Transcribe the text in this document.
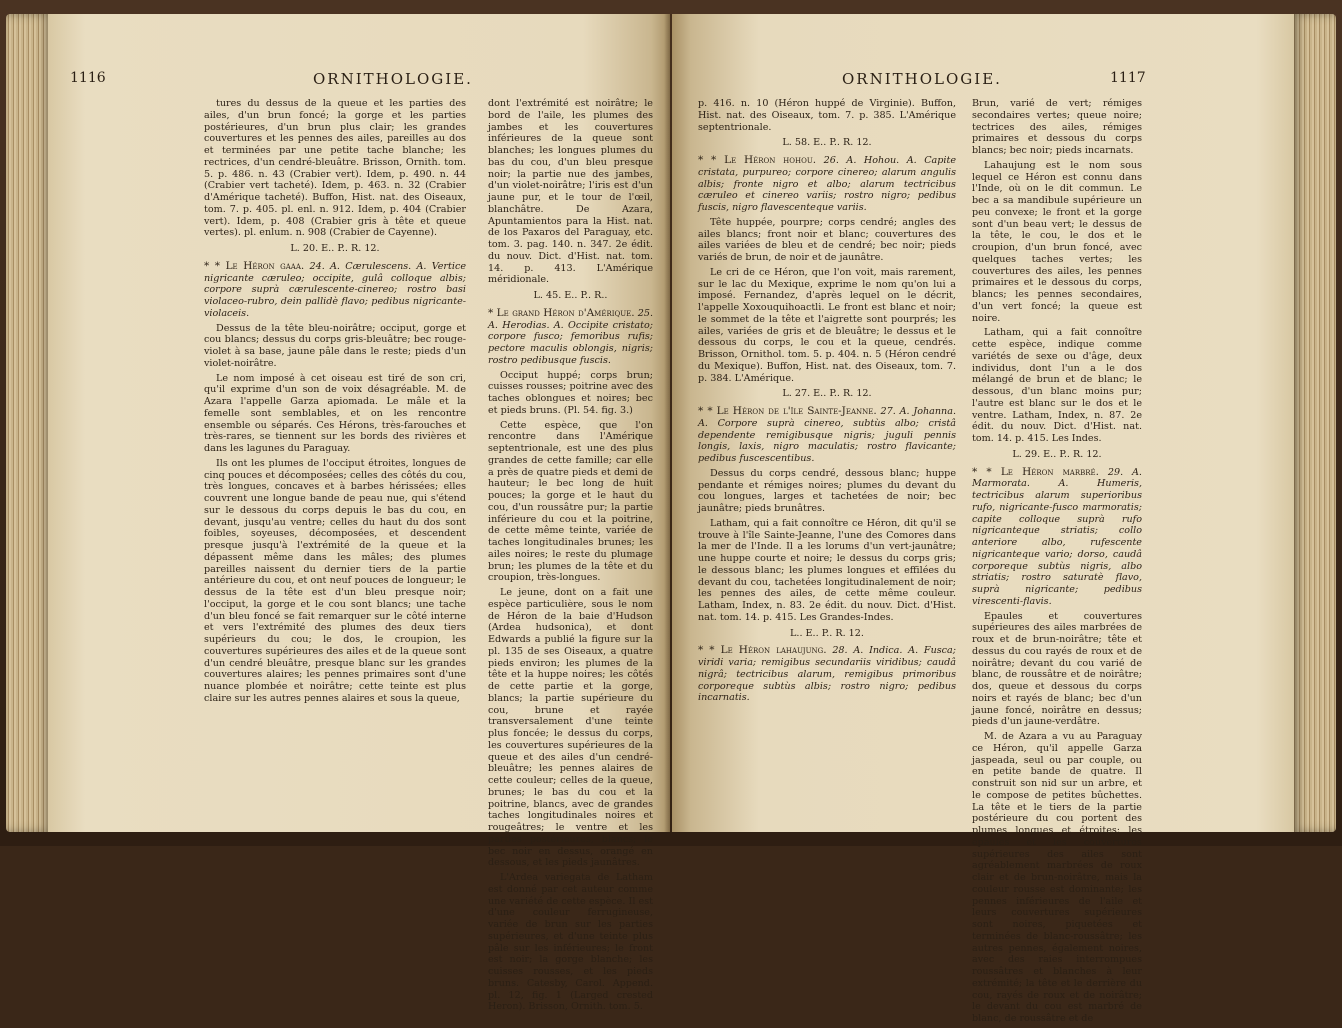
1116	ORNITHOLOGIE.

tures du dessus de la queue et les parties des ailes, d'un brun foncé; la gorge et les parties postérieures, d'un brun plus clair; les grandes couvertures et les pennes des ailes, pareilles au dos et terminées par une petite tache blanche; les rectrices, d'un cendré-bleuâtre. Brisson, Ornith. tom. 5. p. 486. n. 43 (Crabier vert). Idem, p. 490. n. 44 (Crabier vert tacheté). Idem, p. 463. n. 32 (Crabier d'Amérique tacheté). Buffon, Hist. nat. des Oiseaux, tom. 7. p. 405. pl. enl. n. 912. Idem, p. 404 (Crabier vert). Idem, p. 408 (Crabier gris à tête et queue vertes). pl. enlum. n. 908 (Crabier de Cayenne).

L. 20. E.. P.. R. 12.

* * Le Héron gaaa. 24. A. Cærulescens. A. Vertice nigricante cæruleo; occipite, gulâ colloque albis; corpore suprà cærulescente-cinereo; rostro basi violaceo-rubro, dein pallidè flavo; pedibus nigricante-violaceis.

Dessus de la tête bleu-noirâtre; occiput, gorge et cou blancs; dessus du corps gris-bleuâtre; bec rouge-violet à sa base, jaune pâle dans le reste; pieds d'un violet-noirâtre.

Le nom imposé à cet oiseau est tiré de son cri, qu'il exprime d'un son de voix désagréable. M. de Azara l'appelle Garza apiomada. Le mâle et la femelle sont semblables, et on les rencontre ensemble ou séparés. Ces Hérons, très-farouches et très-rares, se tiennent sur les bords des rivières et dans les lagunes du Paraguay.

Ils ont les plumes de l'occiput étroites, longues de cinq pouces et décomposées; celles des côtés du cou, très longues, concaves et à barbes hérissées; elles couvrent une longue bande de peau nue, qui s'étend sur le dessous du corps depuis le bas du cou, en devant, jusqu'au ventre; celles du haut du dos sont foibles, soyeuses, décomposées, et descendent presque jusqu'à l'extrémité de la queue et la dépassent même dans les mâles; des plumes pareilles naissent du dernier tiers de la partie antérieure du cou, et ont neuf pouces de longueur; le dessus de la tête est d'un bleu presque noir; l'occiput, la gorge et le cou sont blancs; une tache d'un bleu foncé se fait remarquer sur le côté interne et vers l'extrémité des plumes des deux tiers supérieurs du cou; le dos, le croupion, les couvertures supérieures des ailes et de la queue sont d'un cendré bleuâtre, presque blanc sur les grandes couvertures alaires; les pennes primaires sont d'une nuance plombée et noirâtre; cette teinte est plus claire sur les autres pennes alaires et sous la queue,

dont l'extrémité est noirâtre; le bord de l'aile, les plumes des jambes et les couvertures inférieures de la queue sont blanches; les longues plumes du bas du cou, d'un bleu presque noir; la partie nue des jambes, d'un violet-noirâtre; l'iris est d'un jaune pur, et le tour de l'œil, blanchâtre. De Azara, Apuntamientos para la Hist. nat. de los Paxaros del Paraguay, etc. tom. 3. pag. 140. n. 347. 2e édit. du nouv. Dict. d'Hist. nat. tom. 14. p. 413. L'Amérique méridionale.

L. 45. E.. P.. R..

* Le grand Héron d'Amérique. 25. A. Herodias. A. Occipite cristato; corpore fusco; femoribus rufis; pectore maculis oblongis, nigris; rostro pedibusque fuscis.

Occiput huppé; corps brun; cuisses rousses; poitrine avec des taches oblongues et noires; bec et pieds bruns. (Pl. 54. fig. 3.)

Cette espèce, que l'on rencontre dans l'Amérique septentrionale, est une des plus grandes de cette famille; car elle a près de quatre pieds et demi de hauteur; le bec long de huit pouces; la gorge et le haut du cou, d'un roussâtre pur; la partie inférieure du cou et la poitrine, de cette même teinte, variée de taches longitudinales brunes; les ailes noires; le reste du plumage brun; les plumes de la tête et du croupion, très-longues.

Le jeune, dont on a fait une espèce particulière, sous le nom de Héron de la baie d'Hudson (Ardea hudsonica), et dont Edwards a publié la figure sur la pl. 135 de ses Oiseaux, a quatre pieds environ; les plumes de la tête et la huppe noires; les côtés de cette partie et la gorge, blancs; la partie supérieure du cou, brune et rayée transversalement d'une teinte plus foncée; le dessus du corps, les couvertures supérieures de la queue et des ailes d'un cendré-bleuâtre; les pennes alaires de cette couleur; celles de la queue, brunes; le bas du cou et la poitrine, blancs, avec de grandes taches longitudinales noires et rougeâtres; le ventre et les parties postérieures, blancs; le bec noir en dessus, orangé en dessous, et les pieds jaunâtres.

L'Ardea variegata de Latham est donné par cet auteur comme une variété de cette espèce. Il est d'une couleur ferrugineuse, variée de brun sur les parties supérieures, et d'une teinte plus pâle sur les inférieures; le front est noir; la gorge blanche; les cuisses rousses, et les pieds bruns. Catesby, Carol. Append. pl. 12, fig. 1 (Larged crested Heron). Brisson, Ornith. tom. 5.

ORNITHOLOGIE.	1117

p. 416. n. 10 (Héron huppé de Virginie). Buffon, Hist. nat. des Oiseaux, tom. 7. p. 385. L'Amérique septentrionale.

L. 58. E.. P.. R. 12.

* * Le Héron hohou. 26. A. Hohou. A. Capite cristata, purpureo; corpore cinereo; alarum angulis albis; fronte nigro et albo; alarum tectricibus cæruleo et cinereo variis; rostro nigro; pedibus fuscis, nigro flavescenteque variis.

Tête huppée, pourpre; corps cendré; angles des ailes blancs; front noir et blanc; couvertures des ailes variées de bleu et de cendré; bec noir; pieds variés de brun, de noir et de jaunâtre.

Le cri de ce Héron, que l'on voit, mais rarement, sur le lac du Mexique, exprime le nom qu'on lui a imposé. Fernandez, d'après lequel on le décrit, l'appelle Xoxouquihoactli. Le front est blanc et noir; le sommet de la tête et l'aigrette sont pourprés; les ailes, variées de gris et de bleuâtre; le dessus et le dessous du corps, le cou et la queue, cendrés. Brisson, Ornithol. tom. 5. p. 404. n. 5 (Héron cendré du Mexique). Buffon, Hist. nat. des Oiseaux, tom. 7. p. 384. L'Amérique.

L. 27. E.. P.. R. 12.

* * Le Héron de l'île Sainte-Jeanne. 27. A. Johanna. A. Corpore suprà cinereo, subtùs albo; cristâ dependente remigibusque nigris; juguli pennis longis, laxis, nigro maculatis; rostro flavicante; pedibus fuscescentibus.

Dessus du corps cendré, dessous blanc; huppe pendante et rémiges noires; plumes du devant du cou longues, larges et tachetées de noir; bec jaunâtre; pieds brunâtres.

Latham, qui a fait connoître ce Héron, dit qu'il se trouve à l'île Sainte-Jeanne, l'une des Comores dans la mer de l'Inde. Il a les lorums d'un vert-jaunâtre; une huppe courte et noire; le dessus du corps gris; le dessous blanc; les plumes longues et effilées du devant du cou, tachetées longitudinalement de noir; les pennes des ailes, de cette même couleur. Latham, Index, n. 83. 2e édit. du nouv. Dict. d'Hist. nat. tom. 14. p. 415. Les Grandes-Indes.

L.. E.. P.. R. 12.

* * Le Héron lahaujung. 28. A. Indica. A. Fusca; viridi varia; remigibus secundariis viridibus; caudâ nigrâ; tectricibus alarum, remigibus primoribus corporeque subtùs albis; rostro nigro; pedibus incarnatis.

Brun, varié de vert; rémiges secondaires vertes; queue noire; tectrices des ailes, rémiges primaires et dessous du corps blancs; bec noir; pieds incarnats.

Lahaujung est le nom sous lequel ce Héron est connu dans l'Inde, où on le dit commun. Le bec a sa mandibule supérieure un peu convexe; le front et la gorge sont d'un beau vert; le dessus de la tête, le cou, le dos et le croupion, d'un brun foncé, avec quelques taches vertes; les couvertures des ailes, les pennes primaires et le dessous du corps, blancs; les pennes secondaires, d'un vert foncé; la queue est noire.

Latham, qui a fait connoître cette espèce, indique comme variétés de sexe ou d'âge, deux individus, dont l'un a le dos mélangé de brun et de blanc; le dessous, d'un blanc moins pur; l'autre est blanc sur le dos et le ventre. Latham, Index, n. 87. 2e édit. du nouv. Dict. d'Hist. nat. tom. 14. p. 415. Les Indes.

L. 29. E.. P.. R. 12.

* * Le Héron marbré. 29. A. Marmorata. A. Humeris, tectricibus alarum superioribus rufo, nigricante-fusco marmoratis; capite colloque suprà rufo nigricanteque striatis; collo anteriore albo, rufescente nigricanteque vario; dorso, caudâ corporeque subtùs nigris, albo striatis; rostro saturatè flavo, suprà nigricante; pedibus virescenti-flavis.

Epaules et couvertures supérieures des ailes marbrées de roux et de brun-noirâtre; tête et dessus du cou rayés de roux et de noirâtre; devant du cou varié de blanc, de roussâtre et de noirâtre; dos, queue et dessous du corps noirs et rayés de blanc; bec d'un jaune foncé, noirâtre en dessus; pieds d'un jaune-verdâtre.

M. de Azara a vu au Paraguay ce Héron, qu'il appelle Garza jaspeada, seul ou par couple, ou en petite bande de quatre. Il construit son nid sur un arbre, et le compose de petites bûchettes. La tête et le tiers de la partie postérieure du cou portent des plumes longues et étroites; les épaules et les couvertures supérieures des ailes sont agréablement marbrées de roux clair et de brun-noirâtre, mais la couleur rousse est dominante; les pennes inférieures de l'aile et leurs couvertures supérieures sont noires, piquetées et terminées de blanc-roussâtre; les autres pennes, également noires, avec des raies interrompues roussâtres et blanches à leur extrémité; la tête et le derrière du cou, rayés de roux et de noirâtre; le devant du cou est marbré de blanc, de roussâtre et de
